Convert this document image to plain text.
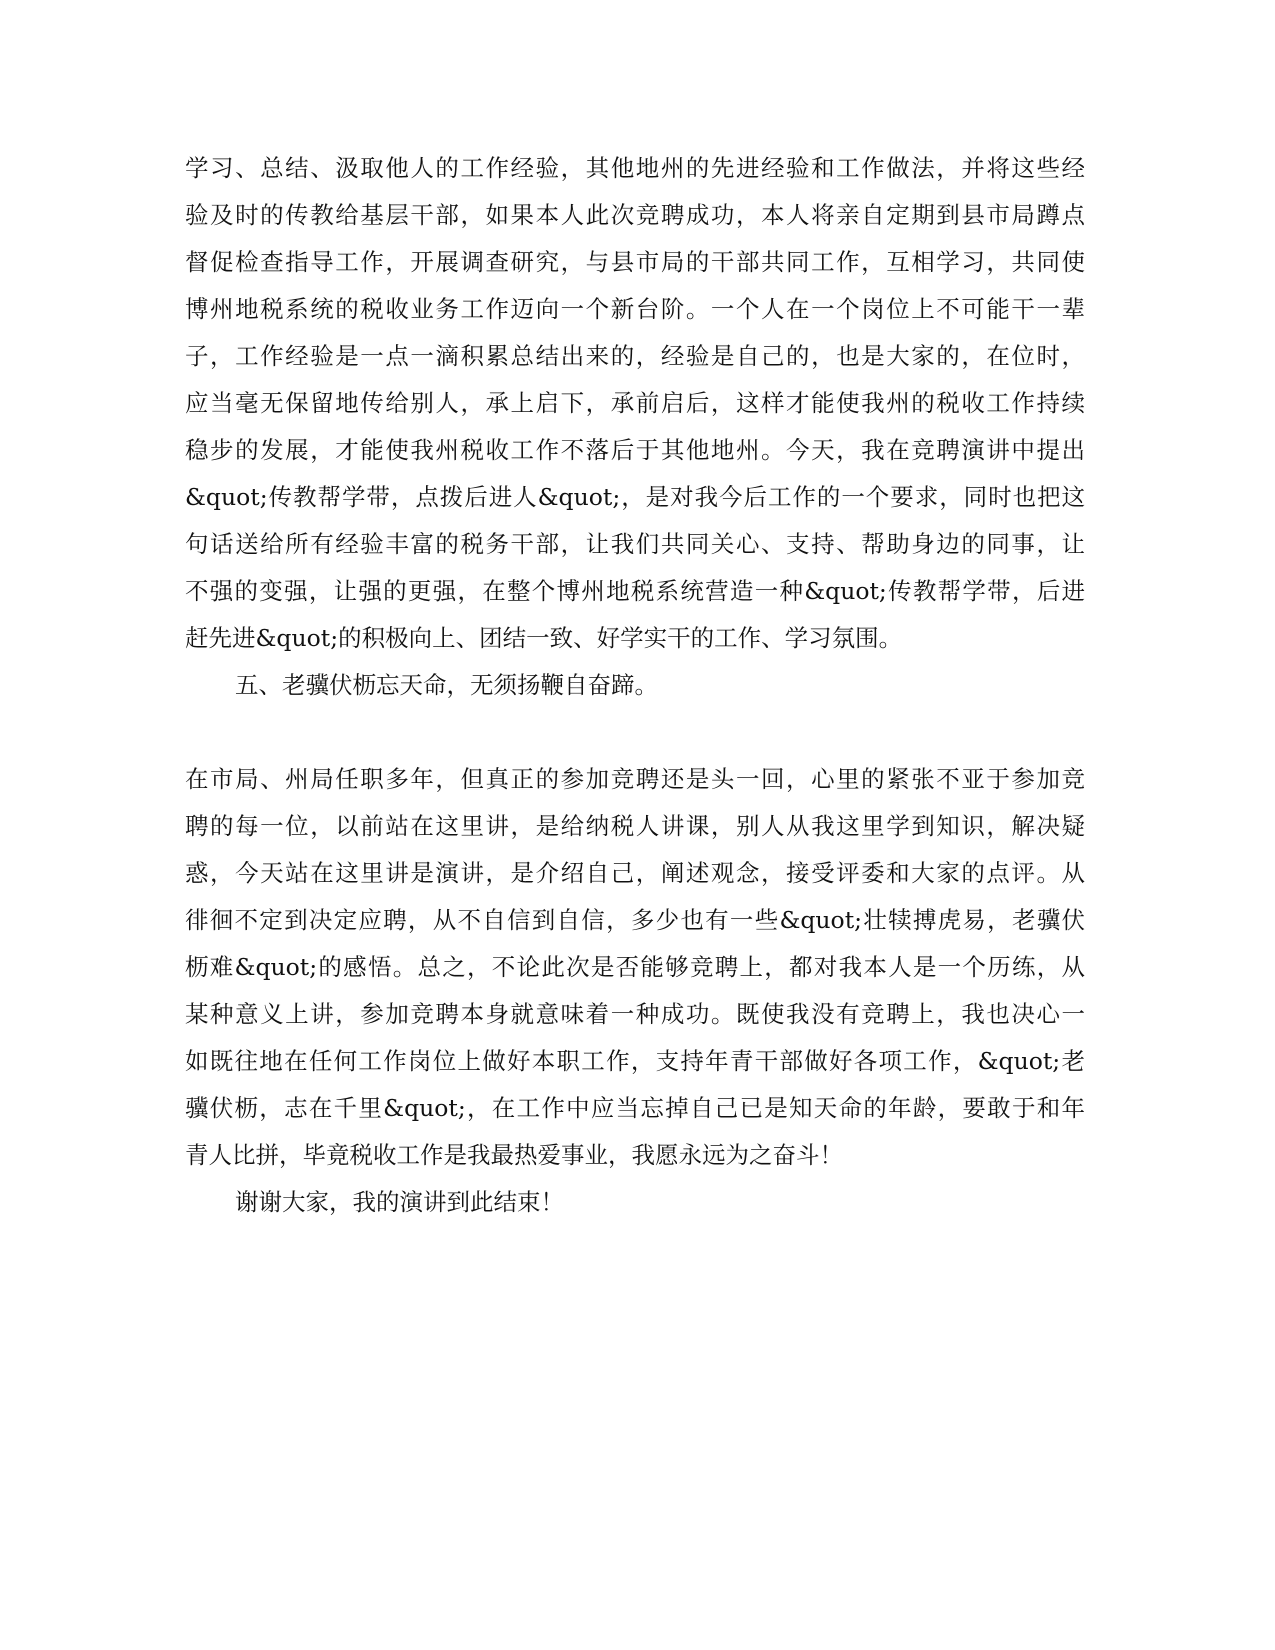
学习、总结、汲取他人的工作经验，其他地州的先进经验和工作做法，并将这些经
验及时的传教给基层干部，如果本人此次竞聘成功，本人将亲自定期到县市局蹲点
督促检查指导工作，开展调查研究，与县市局的干部共同工作，互相学习，共同使
博州地税系统的税收业务工作迈向一个新台阶。一个人在一个岗位上不可能干一辈
子，工作经验是一点一滴积累总结出来的，经验是自己的，也是大家的，在位时，
应当毫无保留地传给别人，承上启下，承前启后，这样才能使我州的税收工作持续
稳步的发展，才能使我州税收工作不落后于其他地州。今天，我在竞聘演讲中提出
&quot;传教帮学带，点拨后进人&quot;，是对我今后工作的一个要求，同时也把这
句话送给所有经验丰富的税务干部，让我们共同关心、支持、帮助身边的同事，让
不强的变强，让强的更强，在整个博州地税系统营造一种&quot;传教帮学带，后进
赶先进&quot;的积极向上、团结一致、好学实干的工作、学习氛围。
五、老骥伏枥忘天命，无须扬鞭自奋蹄。
在市局、州局任职多年，但真正的参加竞聘还是头一回，心里的紧张不亚于参加竞
聘的每一位，以前站在这里讲，是给纳税人讲课，别人从我这里学到知识，解决疑
惑，今天站在这里讲是演讲，是介绍自己，阐述观念，接受评委和大家的点评。从
徘徊不定到决定应聘，从不自信到自信，多少也有一些&quot;壮犊搏虎易，老骥伏
枥难&quot;的感悟。总之，不论此次是否能够竞聘上，都对我本人是一个历练，从
某种意义上讲，参加竞聘本身就意味着一种成功。既使我没有竞聘上，我也决心一
如既往地在任何工作岗位上做好本职工作，支持年青干部做好各项工作，&quot;老
骥伏枥，志在千里&quot;，在工作中应当忘掉自己已是知天命的年龄，要敢于和年
青人比拼，毕竟税收工作是我最热爱事业，我愿永远为之奋斗！
谢谢大家，我的演讲到此结束！
